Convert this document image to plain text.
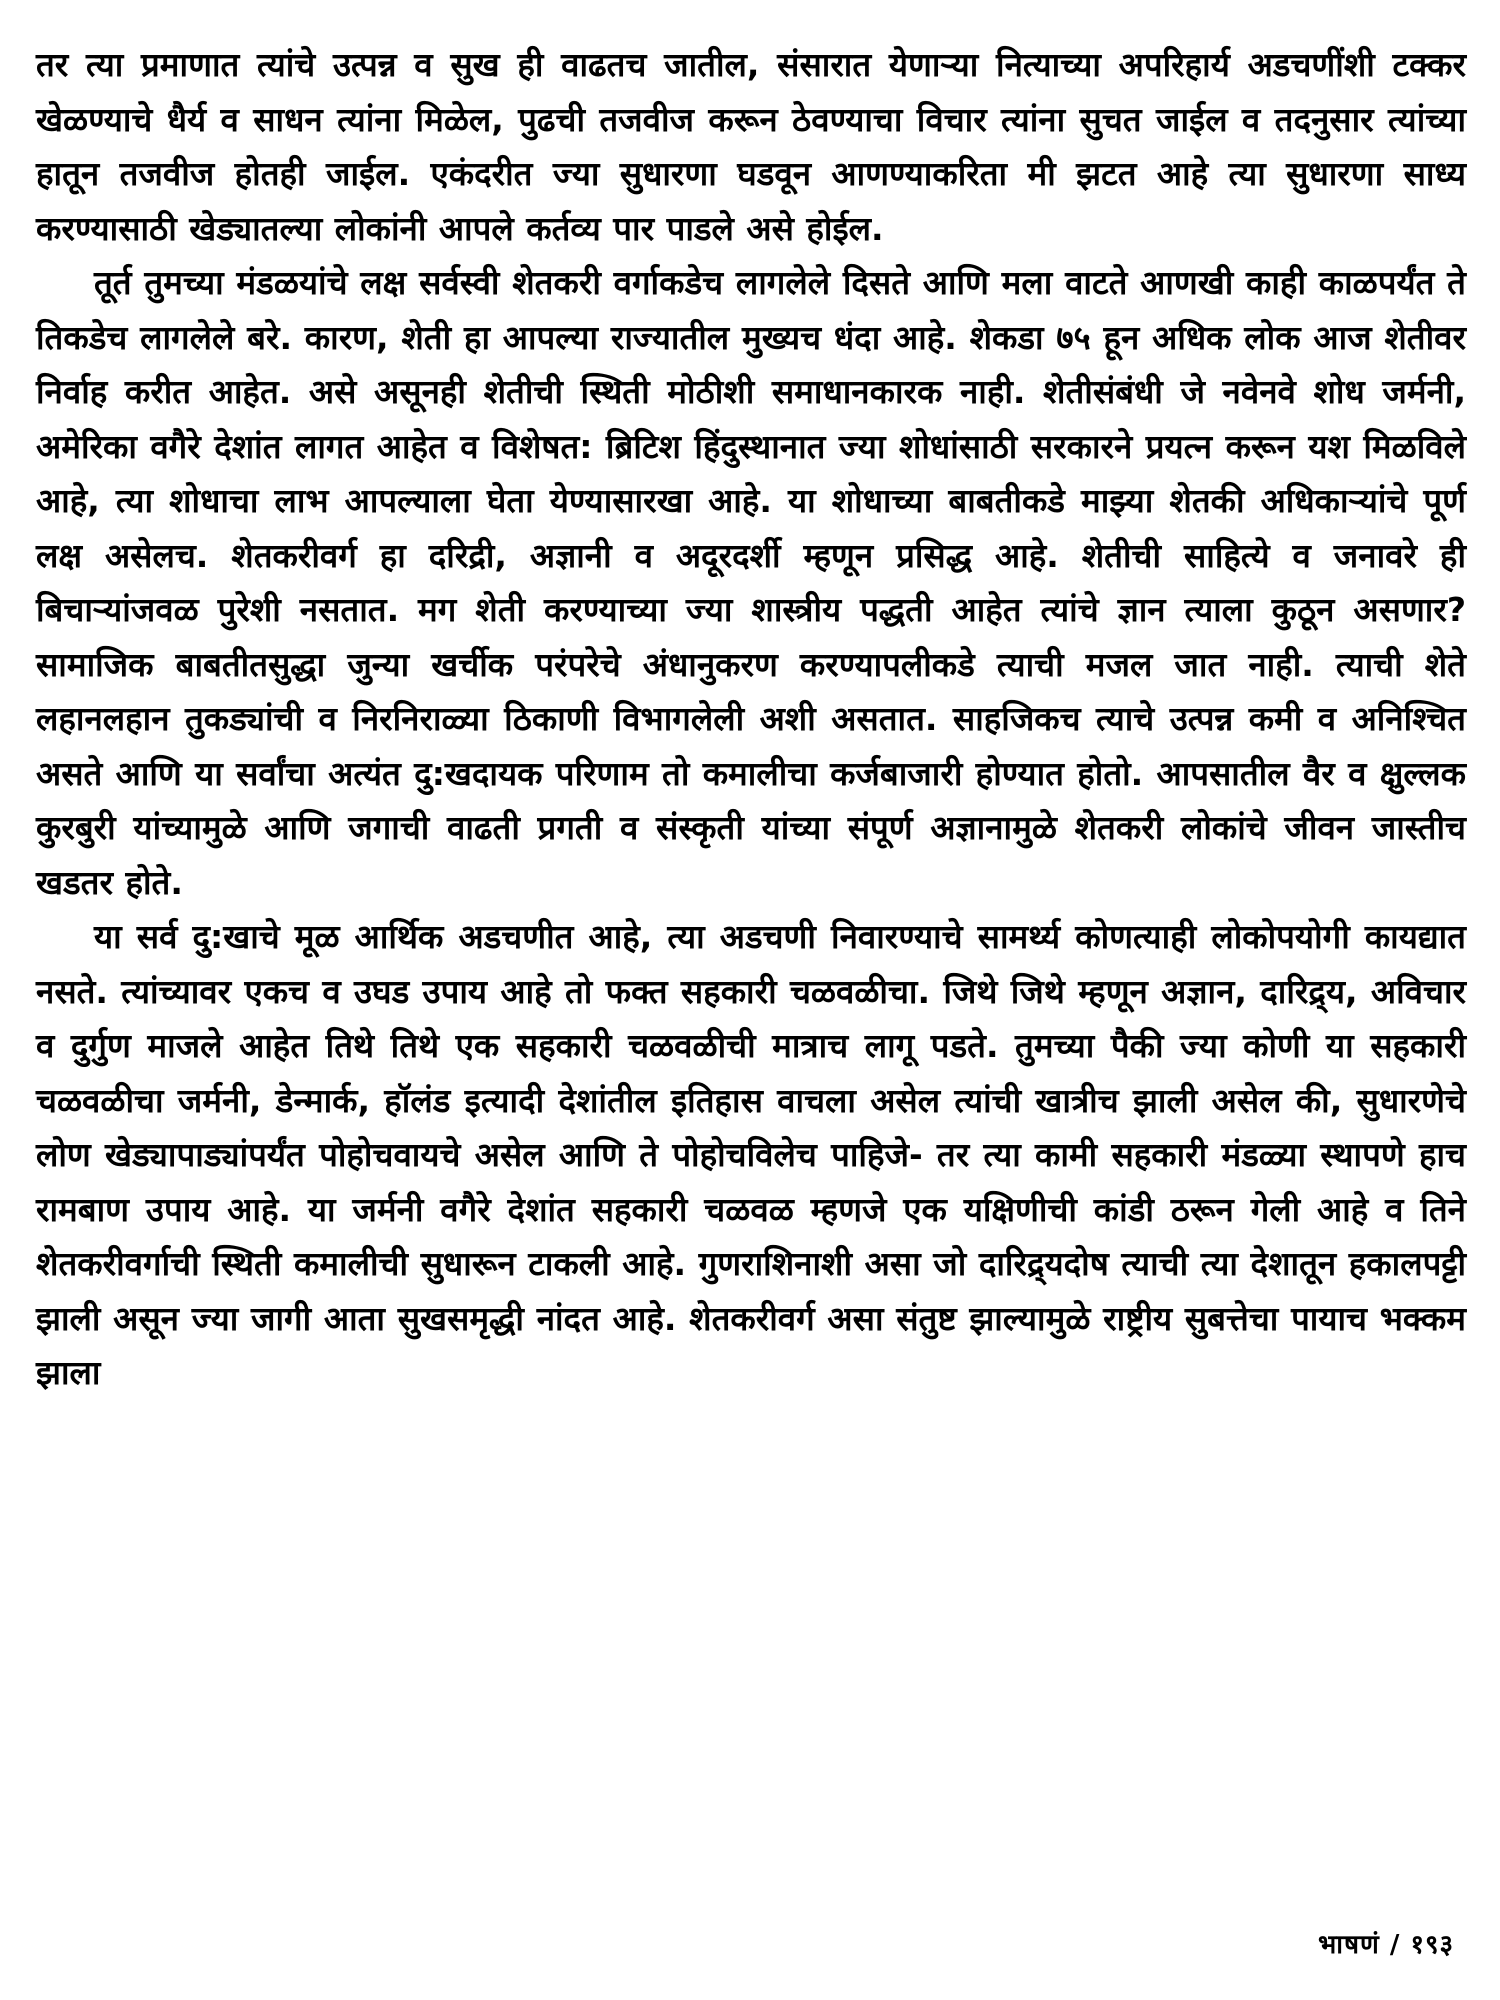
तर त्या प्रमाणात त्यांचे उत्पन्न व सुख ही वाढतच जातील, संसारात येणाऱ्या नित्याच्या अपरिहार्य अडचणींशी टक्कर खेळण्याचे धैर्य व साधन त्यांना मिळेल, पुढची तजवीज करून ठेवण्याचा विचार त्यांना सुचत जाईल व तदनुसार त्यांच्या हातून तजवीज होतही जाईल. एकंदरीत ज्या सुधारणा घडवून आणण्याकरिता मी झटत आहे त्या सुधारणा साध्य करण्यासाठी खेड्यातल्या लोकांनी आपले कर्तव्य पार पाडले असे होईल.

तूर्त तुमच्या मंडळयांचे लक्ष सर्वस्वी शेतकरी वर्गाकडेच लागलेले दिसते आणि मला वाटते आणखी काही काळपर्यंत ते तिकडेच लागलेले बरे. कारण, शेती हा आपल्या राज्यातील मुख्यच धंदा आहे. शेकडा ७५ हून अधिक लोक आज शेतीवर निर्वाह करीत आहेत. असे असूनही शेतीची स्थिती मोठीशी समाधानकारक नाही. शेतीसंबंधी जे नवेनवे शोध जर्मनी, अमेरिका वगैरे देशांत लागत आहेत व विशेषत: ब्रिटिश हिंदुस्थानात ज्या शोधांसाठी सरकारने प्रयत्न करून यश मिळविले आहे, त्या शोधाचा लाभ आपल्याला घेता येण्यासारखा आहे. या शोधाच्या बाबतीकडे माझ्या शेतकी अधिकाऱ्यांचे पूर्ण लक्ष असेलच. शेतकरीवर्ग हा दरिद्री, अज्ञानी व अदूरदर्शी म्हणून प्रसिद्ध आहे. शेतीची साहित्ये व जनावरे ही बिचाऱ्यांजवळ पुरेशी नसतात. मग शेती करण्याच्या ज्या शास्त्रीय पद्धती आहेत त्यांचे ज्ञान त्याला कुठून असणार? सामाजिक बाबतीतसुद्धा जुन्या खर्चीक परंपरेचे अंधानुकरण करण्यापलीकडे त्याची मजल जात नाही. त्याची शेते लहानलहान तुकड्यांची व निरनिराळ्या ठिकाणी विभागलेली अशी असतात. साहजिकच त्याचे उत्पन्न कमी व अनिश्चित असते आणि या सर्वांचा अत्यंत दु:खदायक परिणाम तो कमालीचा कर्जबाजारी होण्यात होतो. आपसातील वैर व क्षुल्लक कुरबुरी यांच्यामुळे आणि जगाची वाढती प्रगती व संस्कृती यांच्या संपूर्ण अज्ञानामुळे शेतकरी लोकांचे जीवन जास्तीच खडतर होते.

या सर्व दु:खाचे मूळ आर्थिक अडचणीत आहे, त्या अडचणी निवारण्याचे सामर्थ्य कोणत्याही लोकोपयोगी कायद्यात नसते. त्यांच्यावर एकच व उघड उपाय आहे तो फक्त सहकारी चळवळीचा. जिथे जिथे म्हणून अज्ञान, दारिद्र्य, अविचार व दुर्गुण माजले आहेत तिथे तिथे एक सहकारी चळवळीची मात्राच लागू पडते. तुमच्या पैकी ज्या कोणी या सहकारी चळवळीचा जर्मनी, डेन्मार्क, हॉलंड इत्यादी देशांतील इतिहास वाचला असेल त्यांची खात्रीच झाली असेल की, सुधारणेचे लोण खेड्यापाड्यांपर्यंत पोहोचवायचे असेल आणि ते पोहोचविलेच पाहिजे- तर त्या कामी सहकारी मंडळ्या स्थापणे हाच रामबाण उपाय आहे. या जर्मनी वगैरे देशांत सहकारी चळवळ म्हणजे एक यक्षिणीची कांडी ठरून गेली आहे व तिने शेतकरीवर्गाची स्थिती कमालीची सुधारून टाकली आहे. गुणराशिनाशी असा जो दारिद्र्यदोष त्याची त्या देशातून हकालपट्टी झाली असून ज्या जागी आता सुखसमृद्धी नांदत आहे. शेतकरीवर्ग असा संतुष्ट झाल्यामुळे राष्ट्रीय सुबत्तेचा पायाच भक्कम झाला

भाषणं / १९३
